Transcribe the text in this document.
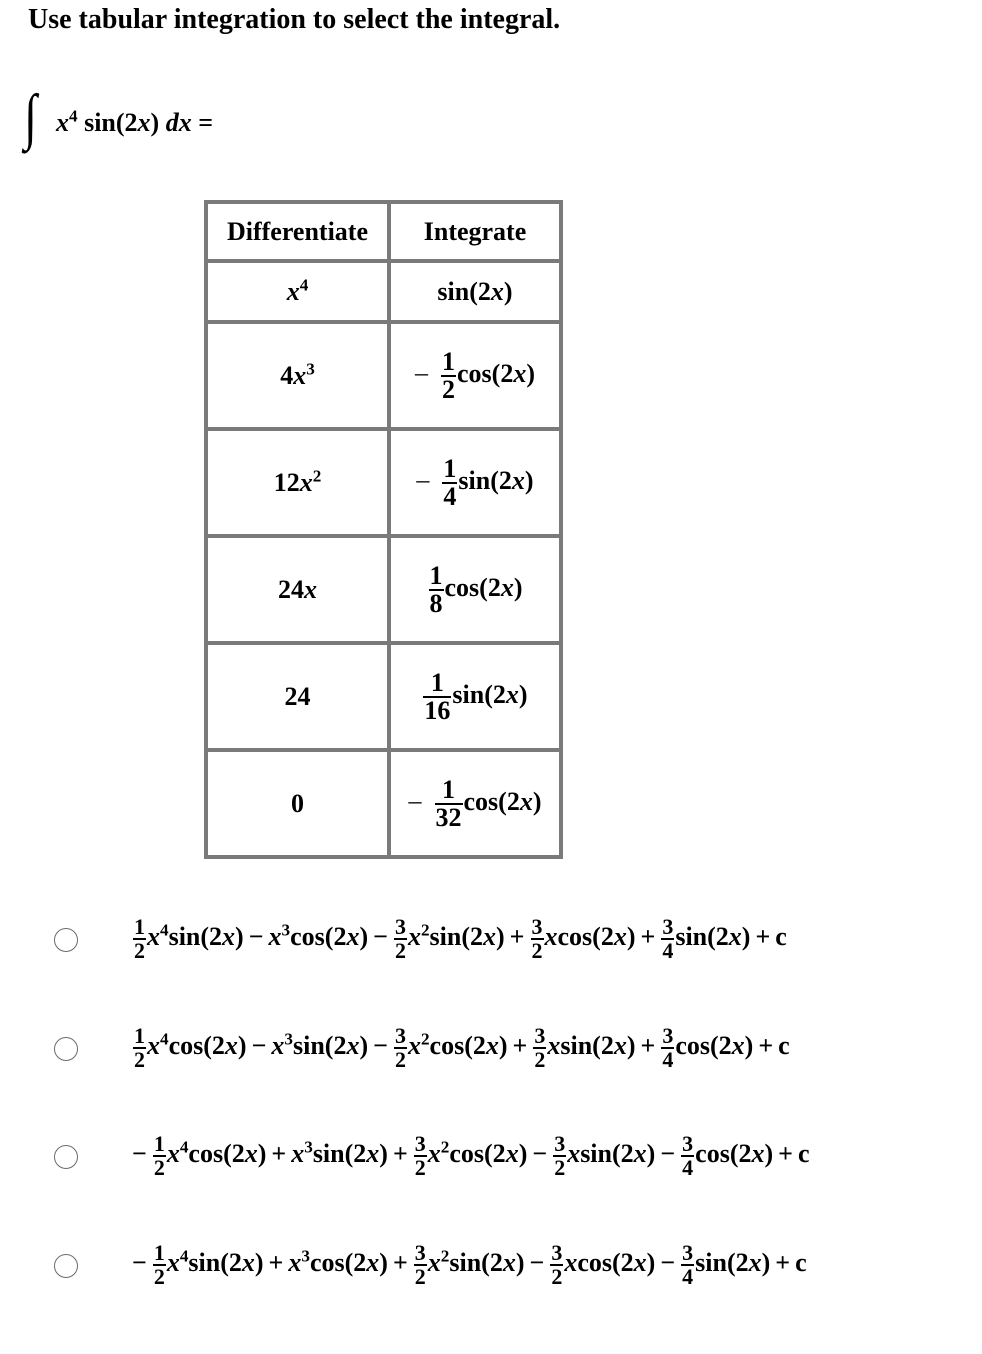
Use tabular integration to select the integral.
∫ $x^4$ sin(2x) dx =
Differentiate	Integrate
$x^4$	sin(2x)
$4x^3$	– $\frac{1}{2} \cos(2x)$
$12x^2$	– $\frac{1}{4} \sin(2x)$
24x	$\frac{1}{8} \cos(2x)$
24	$\frac{1}{16} \sin(2x)$
0	– $\frac{1}{32} \cos(2x)$
$\frac{1}{2} x^4\sin(2x) - x^3\cos(2x) - \frac{3}{2} x^2\sin(2x) + \frac{3}{2} xcos(2x) + \frac{3}{4} \sin(2x) + c$
$\frac{1}{2} x^4\cos(2x) - x^3\sin(2x) - \frac{3}{2} x^2\cos(2x) + \frac{3}{2} xsin(2x) + \frac{3}{4} \cos(2x) + c$
− $\frac{1}{2} x^4\cos(2x) + x^3\sin(2x) + \frac{3}{2} x^2\cos(2x) - \frac{3}{2} xsin(2x) - \frac{3}{4} \cos(2x) + c$
− $\frac{1}{2} x^4\sin(2x) + x^3\cos(2x) + \frac{3}{2} x^2\sin(2x) - \frac{3}{2} xcos(2x) - \frac{3}{4} \sin(2x) + c$
